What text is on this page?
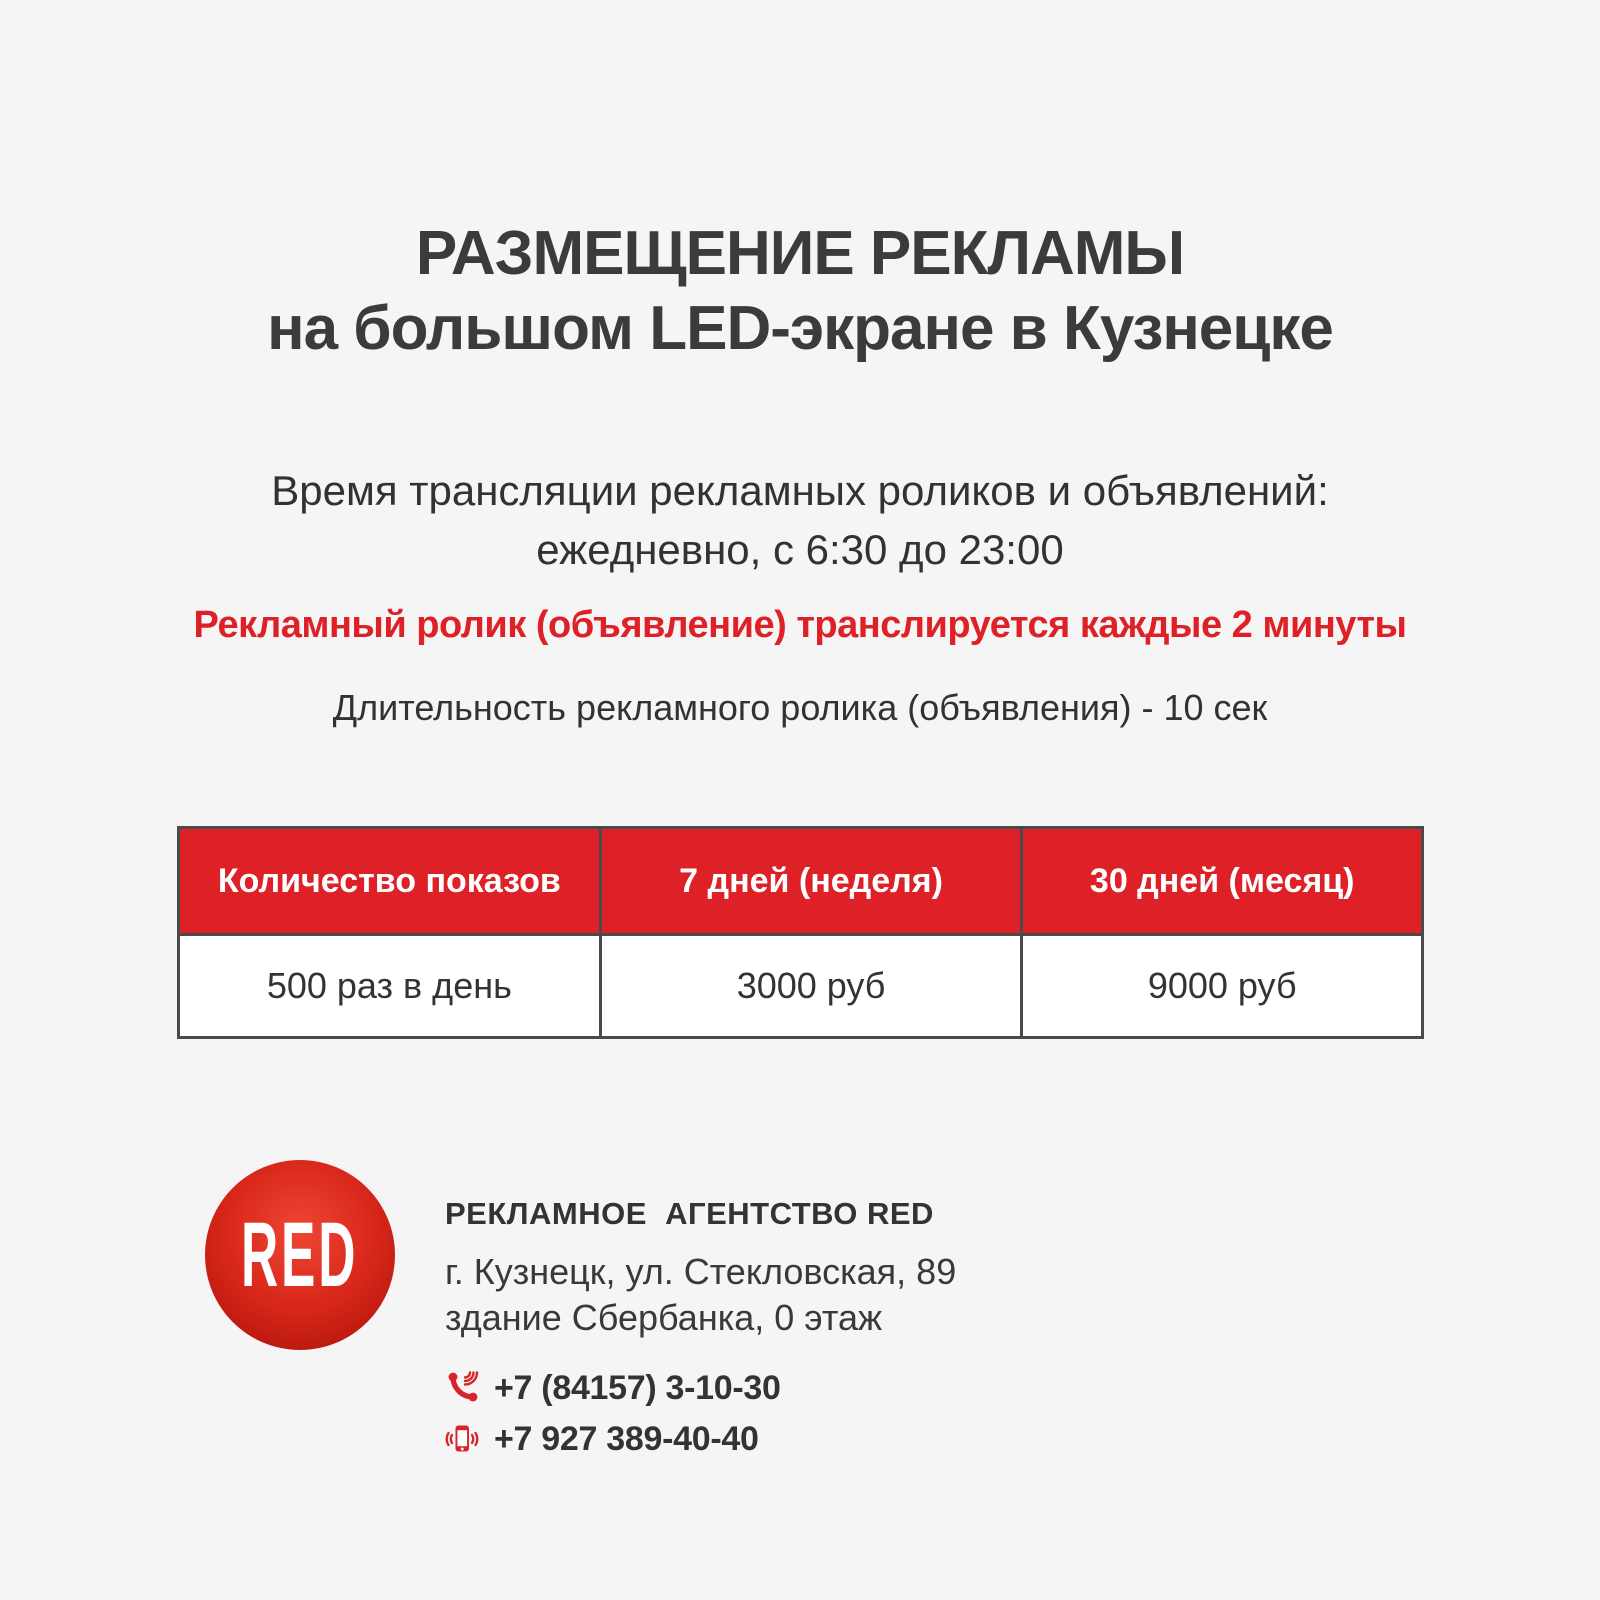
РАЗМЕЩЕНИЕ РЕКЛАМЫ
на большом LED-экране в Кузнецке
Время трансляции рекламных роликов и объявлений:
ежедневно, с 6:30 до 23:00
Рекламный ролик (объявление) транслируется каждые 2 минуты
Длительность рекламного ролика (объявления) - 10 сек
Количество показов	7 дней (неделя)	30 дней (месяц)
500 раз в день	3000 руб	9000 руб
RED	РЕКЛАМНОЕ  АГЕНТСТВО RED
г. Кузнецк, ул. Стекловская, 89
здание Сбербанка, 0 этаж
+7 (84157) 3-10-30
+7 927 389-40-40
